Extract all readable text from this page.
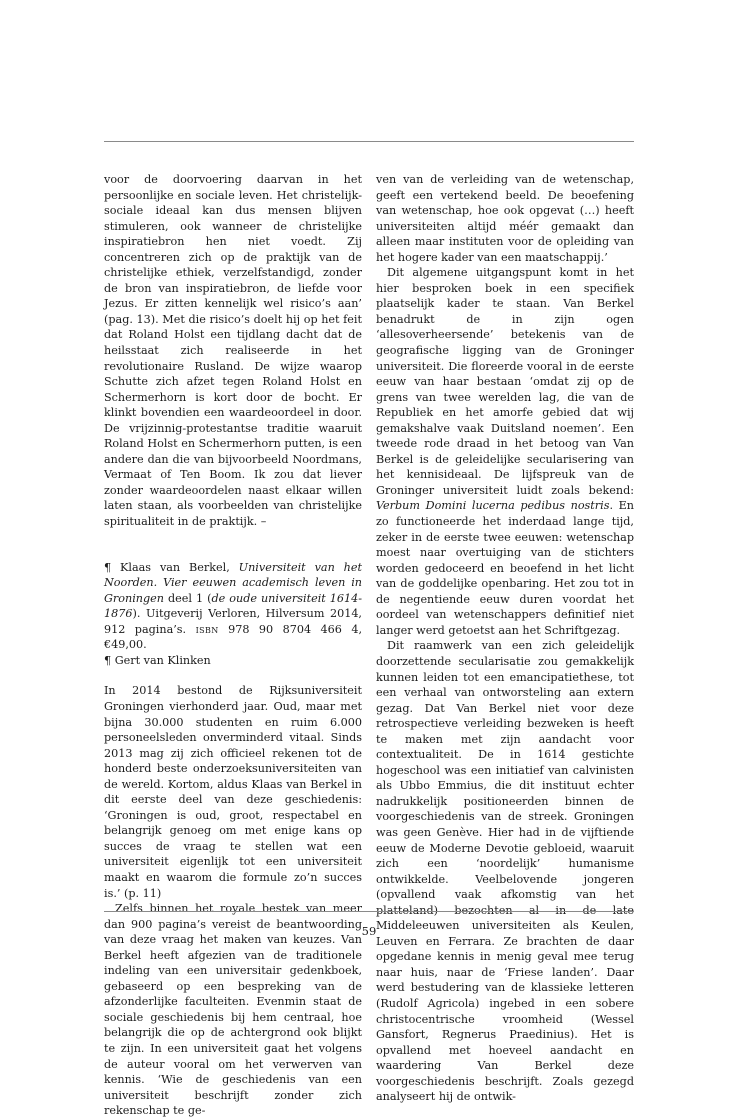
voor de doorvoering daarvan in het persoonlijke en sociale leven. Het christelijk-sociale ideaal kan dus mensen blijven stimuleren, ook wanneer de christelijke inspiratiebron hen niet voedt. Zij concentreren zich op de praktijk van de christelijke ethiek, verzelfstandigd, zonder de bron van inspiratiebron, de liefde voor Jezus. Er zitten kennelijk wel risico’s aan’ (pag. 13). Met die risico’s doelt hij op het feit dat Roland Holst een tijdlang dacht dat de heilsstaat zich realiseerde in het revolutionaire Rusland. De wijze waarop Schutte zich afzet tegen Roland Holst en Schermerhorn is kort door de bocht. Er klinkt bovendien een waardeoordeel in door. De vrijzinnig-protestantse traditie waaruit Roland Holst en Schermerhorn putten, is een andere dan die van bijvoorbeeld Noordmans, Vermaat of Ten Boom. Ik zou dat liever zonder waardeoordelen naast elkaar willen laten staan, als voorbeelden van christelijke spiritualiteit in de praktijk. –

¶ Klaas van Berkel, Universiteit van het Noorden. Vier eeuwen academisch leven in Groningen deel 1 (de oude universiteit 1614-1876). Uitgeverij Verloren, Hilversum 2014, 912 pagina’s. isbn 978 90 8704 466 4, €49,00.

¶ Gert van Klinken

In 2014 bestond de Rijksuniversiteit Groningen vierhonderd jaar. Oud, maar met bijna 30.000 studenten en ruim 6.000 personeelsleden onverminderd vitaal. Sinds 2013 mag zij zich officieel rekenen tot de honderd beste onderzoeksuniversiteiten van de wereld. Kortom, aldus Klaas van Berkel in dit eerste deel van deze geschiedenis: ‘Groningen is oud, groot, respectabel en belangrijk genoeg om met enige kans op succes de vraag te stellen wat een universiteit eigenlijk tot een universiteit maakt en waarom die formule zo’n succes is.’ (p. 11)

Zelfs binnen het royale bestek van meer dan 900 pagina’s vereist de beantwoording van deze vraag het maken van keuzes. Van Berkel heeft afgezien van de traditionele indeling van een universitair gedenkboek, gebaseerd op een bespreking van de afzonderlijke faculteiten. Evenmin staat de sociale geschiedenis bij hem centraal, hoe belangrijk die op de achtergrond ook blijkt te zijn. In een universiteit gaat het volgens de auteur vooral om het verwerven van kennis. ‘Wie de geschiedenis van een universiteit beschrijft zonder zich rekenschap te ge-

ven van de verleiding van de wetenschap, geeft een vertekend beeld. De beoefening van wetenschap, hoe ook opgevat (…) heeft universiteiten altijd méér gemaakt dan alleen maar instituten voor de opleiding van het hogere kader van een maatschappij.’

Dit algemene uitgangspunt komt in het hier besproken boek in een specifiek plaatselijk kader te staan. Van Berkel benadrukt de in zijn ogen ‘allesoverheersende’ betekenis van de geografische ligging van de Groninger universiteit. Die floreerde vooral in de eerste eeuw van haar bestaan ‘omdat zij op de grens van twee werelden lag, die van de Republiek en het amorfe gebied dat wij gemakshalve vaak Duitsland noemen’. Een tweede rode draad in het betoog van Van Berkel is de geleidelijke secularisering van het kennisideaal. De lijfspreuk van de Groninger universiteit luidt zoals bekend: Verbum Domini lucerna pedibus nostris. En zo functioneerde het inderdaad lange tijd, zeker in de eerste twee eeuwen: wetenschap moest naar overtuiging van de stichters worden gedoceerd en beoefend in het licht van de goddelijke openbaring. Het zou tot in de negentiende eeuw duren voordat het oordeel van wetenschappers definitief niet langer werd getoetst aan het Schriftgezag.

Dit raamwerk van een zich geleidelijk doorzettende secularisatie zou gemakkelijk kunnen leiden tot een emancipatiethese, tot een verhaal van ontworsteling aan extern gezag. Dat Van Berkel niet voor deze retrospectieve verleiding bezweken is heeft te maken met zijn aandacht voor contextualiteit. De in 1614 gestichte hogeschool was een initiatief van calvinisten als Ubbo Emmius, die dit instituut echter nadrukkelijk positioneerden binnen de voorgeschiedenis van de streek. Groningen was geen Genève. Hier had in de vijftiende eeuw de Moderne Devotie gebloeid, waaruit zich een ‘noordelijk’ humanisme ontwikkelde. Veelbelovende jongeren (opvallend vaak afkomstig van het platteland) bezochten al in de late Middeleeuwen universiteiten als Keulen, Leuven en Ferrara. Ze brachten de daar opgedane kennis in menig geval mee terug naar huis, naar de ‘Friese landen’. Daar werd bestudering van de klassieke letteren (Rudolf Agricola) ingebed in een sobere christocentrische vroomheid (Wessel Gansfort, Regnerus Praedinius). Het is opvallend met hoeveel aandacht en waardering Van Berkel deze voorgeschiedenis beschrijft. Zoals gezegd analyseert hij de ontwik-

59
